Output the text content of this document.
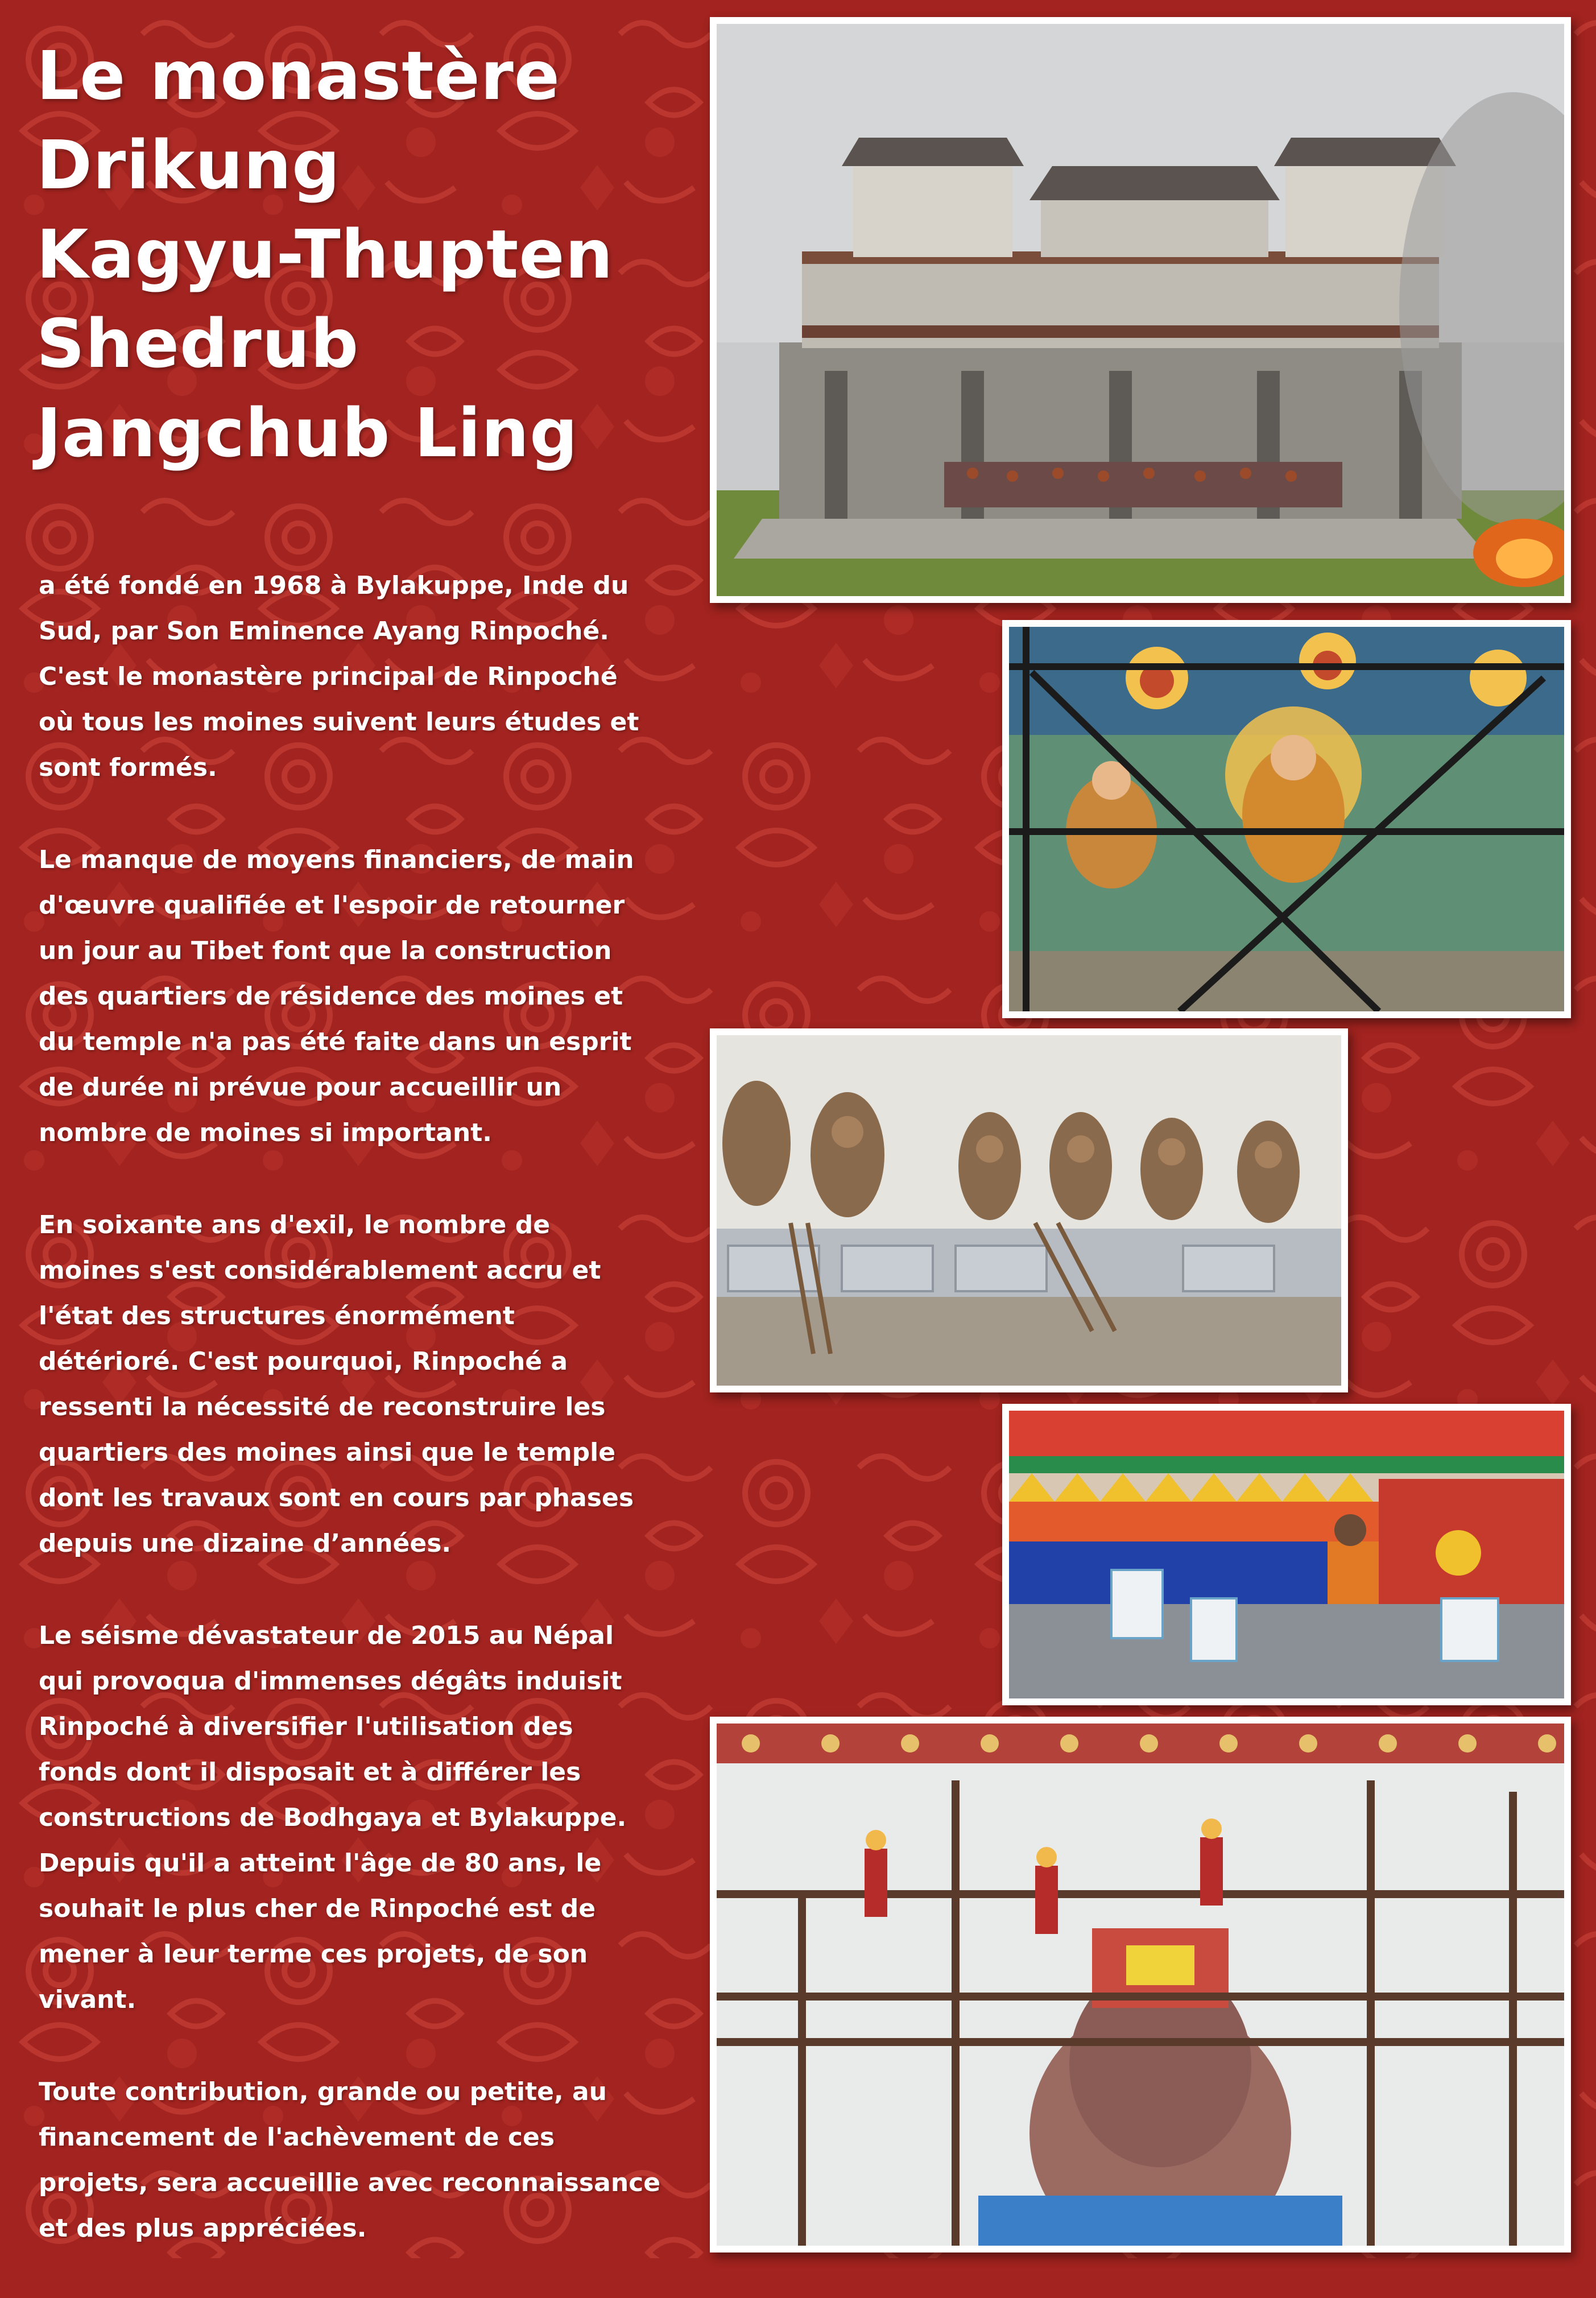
Le monastère
Drikung
Kagyu-Thupten
Shedrub
Jangchub Ling

a été fondé en 1968 à Bylakuppe, Inde du
Sud, par Son Eminence Ayang Rinpoché.
C'est le monastère principal de Rinpoché
où tous les moines suivent leurs études et
sont formés.

Le manque de moyens financiers, de main
d'œuvre qualifiée et l'espoir de retourner
un jour au Tibet font que la construction
des quartiers de résidence des moines et
du temple n'a pas été faite dans un esprit
de durée ni prévue pour accueillir un
nombre de moines si important.

En soixante ans d'exil, le nombre de
moines s'est considérablement accru et
l'état des structures énormément
détérioré. C'est pourquoi, Rinpoché a
ressenti la nécessité de reconstruire les
quartiers des moines ainsi que le temple
dont les travaux sont en cours par phases
depuis une dizaine d’années.

Le séisme dévastateur de 2015 au Népal
qui provoqua d'immenses dégâts induisit
Rinpoché à diversifier l'utilisation des
fonds dont il disposait et à différer les
constructions de Bodhgaya et Bylakuppe.
Depuis qu'il a atteint l'âge de 80 ans, le
souhait le plus cher de Rinpoché est de
mener à leur terme ces projets, de son
vivant.

Toute contribution, grande ou petite, au
financement de l'achèvement de ces
projets, sera accueillie avec reconnaissance
et des plus appréciées.
